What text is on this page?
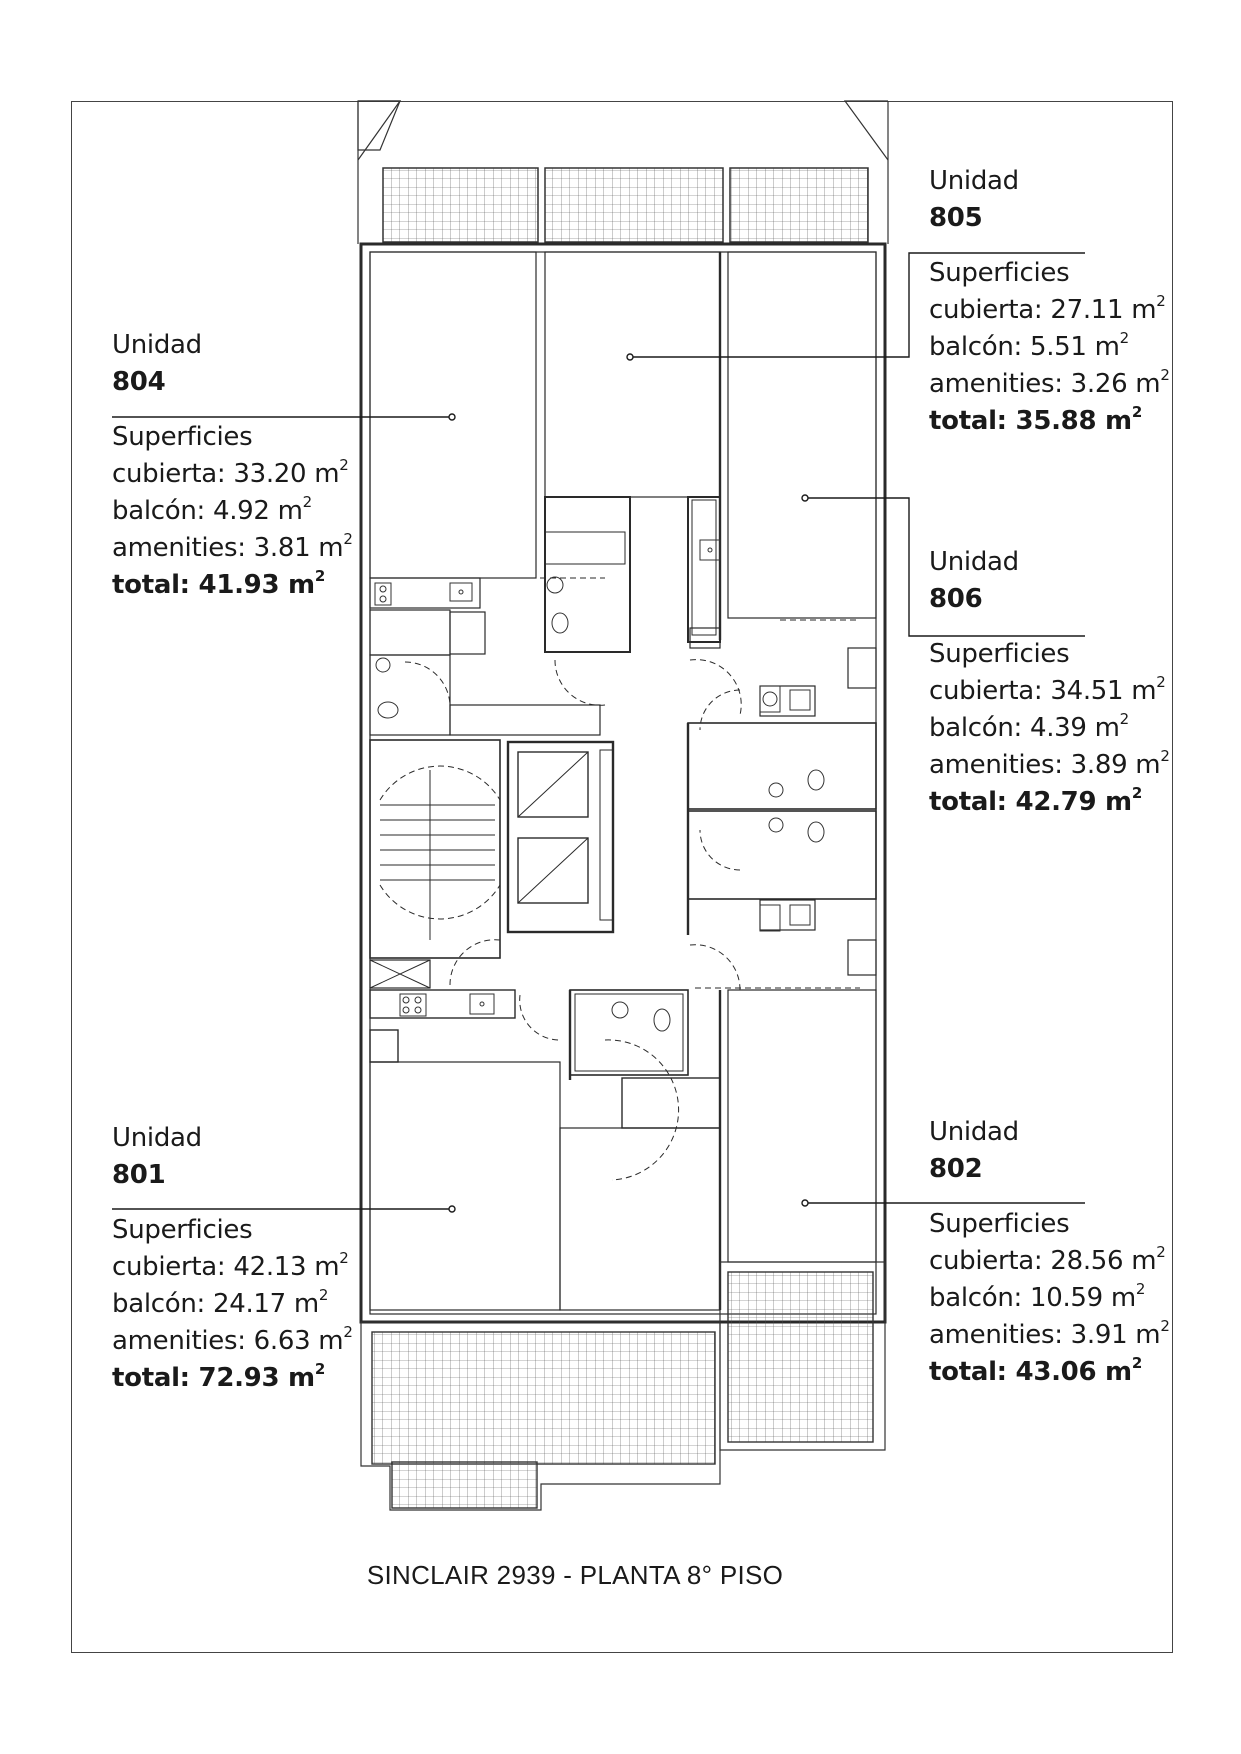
Unidad
805
Superficies
cubierta: 27.11 $m^2$
balcón: 5.51 $m^2$
amenities: 3.26 $m^2$
total: 35.88 $m^2$
Unidad
804
Superficies
cubierta: 33.20 $m^2$
balcón: 4.92 $m^2$
amenities: 3.81 $m^2$
total: 41.93 $m^2$	Unidad
806
Superficies
cubierta: 34.51 $m^2$
balcón: 4.39 $m^2$
amenities: 3.89 $m^2$
total: 42.79 $m^2$
Unidad
801
Superficies
cubierta: 42.13 $m^2$
balcón: 24.17 $m^2$
amenities: 6.63 $m^2$
total: 72.93 $m^2$
Unidad
802
Superficies
cubierta: 28.56 $m^2$
balcón: 10.59 $m^2$
amenities: 3.91 $m^2$
total: 43.06 $m^2$
SINCLAIR 2939 - PLANTA 8° PISO
